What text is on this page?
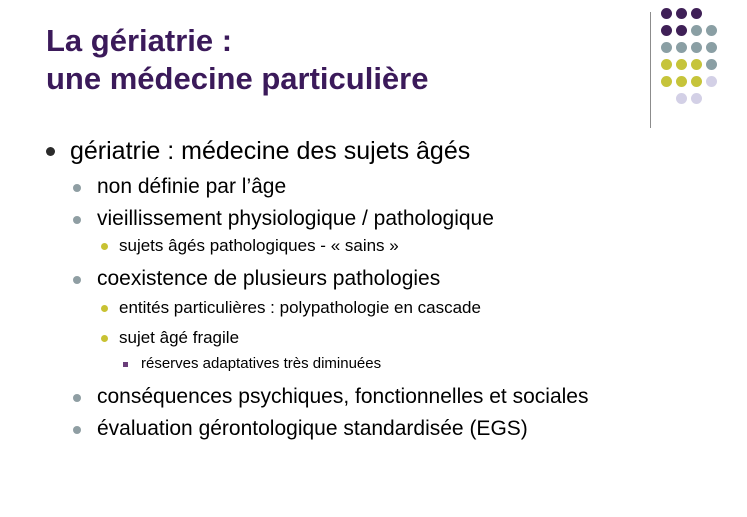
La gériatrie :
une médecine particulière
gériatrie : médecine des sujets âgés
non définie par l’âge
vieillissement physiologique / pathologique
sujets âgés pathologiques - « sains »
coexistence de plusieurs pathologies
entités particulières : polypathologie en cascade
sujet âgé fragile
réserves adaptatives très diminuées
conséquences psychiques, fonctionnelles et sociales
évaluation gérontologique standardisée (EGS)
